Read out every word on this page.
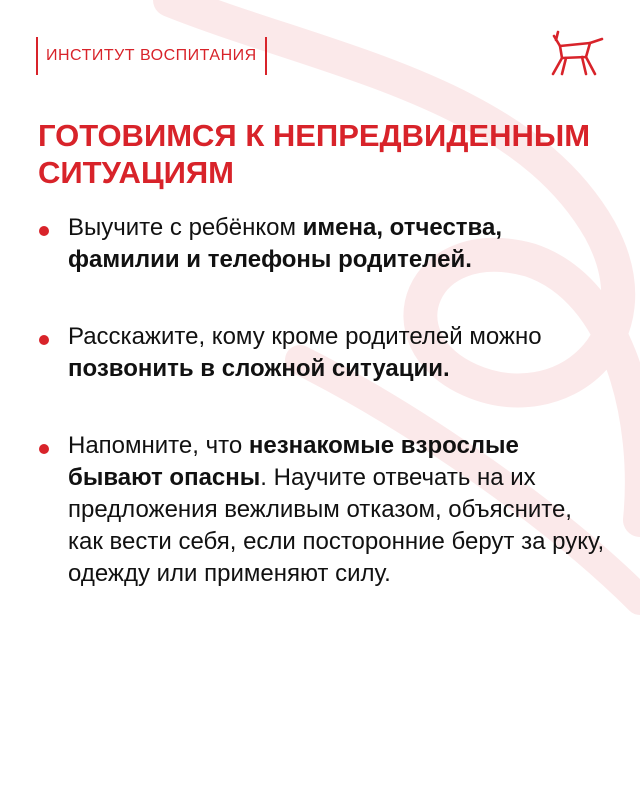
ИНСТИТУТ ВОСПИТАНИЯ
ГОТОВИМСЯ К НЕПРЕДВИДЕННЫМ
СИТУАЦИЯМ
Выучите с ребёнком имена, отчества, фамилии и телефоны родителей.
Расскажите, кому кроме родителей можно позвонить в сложной ситуации.
Напомните, что незнакомые взрослые бывают опасны. Научите отвечать на их предложения вежливым отказом, объясните, как вести себя, если посторонние берут за руку, одежду или применяют силу.
